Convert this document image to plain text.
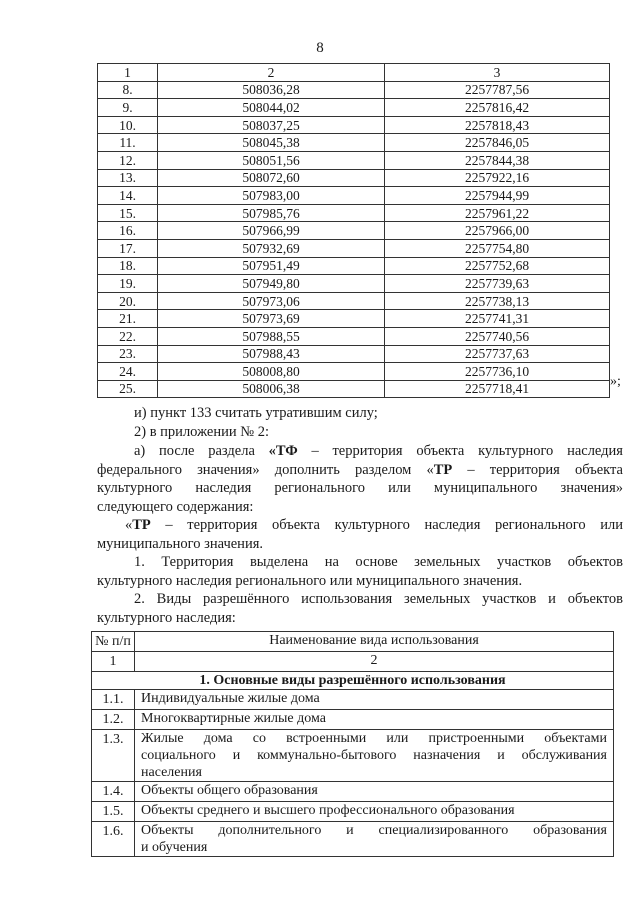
8
1	2	3
8.	508036,28	2257787,56
9.	508044,02	2257816,42
10.	508037,25	2257818,43
11.	508045,38	2257846,05
12.	508051,56	2257844,38
13.	508072,60	2257922,16
14.	507983,00	2257944,99
15.	507985,76	2257961,22
16.	507966,99	2257966,00
17.	507932,69	2257754,80
18.	507951,49	2257752,68
19.	507949,80	2257739,63
20.	507973,06	2257738,13
21.	507973,69	2257741,31
22.	507988,55	2257740,56
23.	507988,43	2257737,63
24.	508008,80	2257736,10
25.	508006,38	2257718,41	»;

и) пункт 133 считать утратившим силу;

2) в приложении № 2:

а) после раздела «ТФ – территория объекта культурного наследия
федерального значения» дополнить разделом «ТР – территория объекта
культурного наследия регионального или муниципального значения»
следующего содержания:
«ТР – территория объекта культурного наследия регионального или
муниципального значения.
1. Территория выделена на основе земельных участков объектов
культурного наследия регионального или муниципального значения.
2. Виды разрешённого использования земельных участков и объектов
культурного наследия:
№ п/п	Наименование вида использования
1	2
1. Основные виды разрешённого использования	
1.1.	Индивидуальные жилые дома
1.2.	Многоквартирные жилые дома
1.3.	Жилые дома со встроенными или пристроенными объектами
социального и коммунально-бытового назначения и обслуживания
населения

1.4.	Объекты общего образования
1.5.	Объекты среднего и высшего профессионального образования
1.6.	Объекты дополнительного и специализированного образования
и обучения
